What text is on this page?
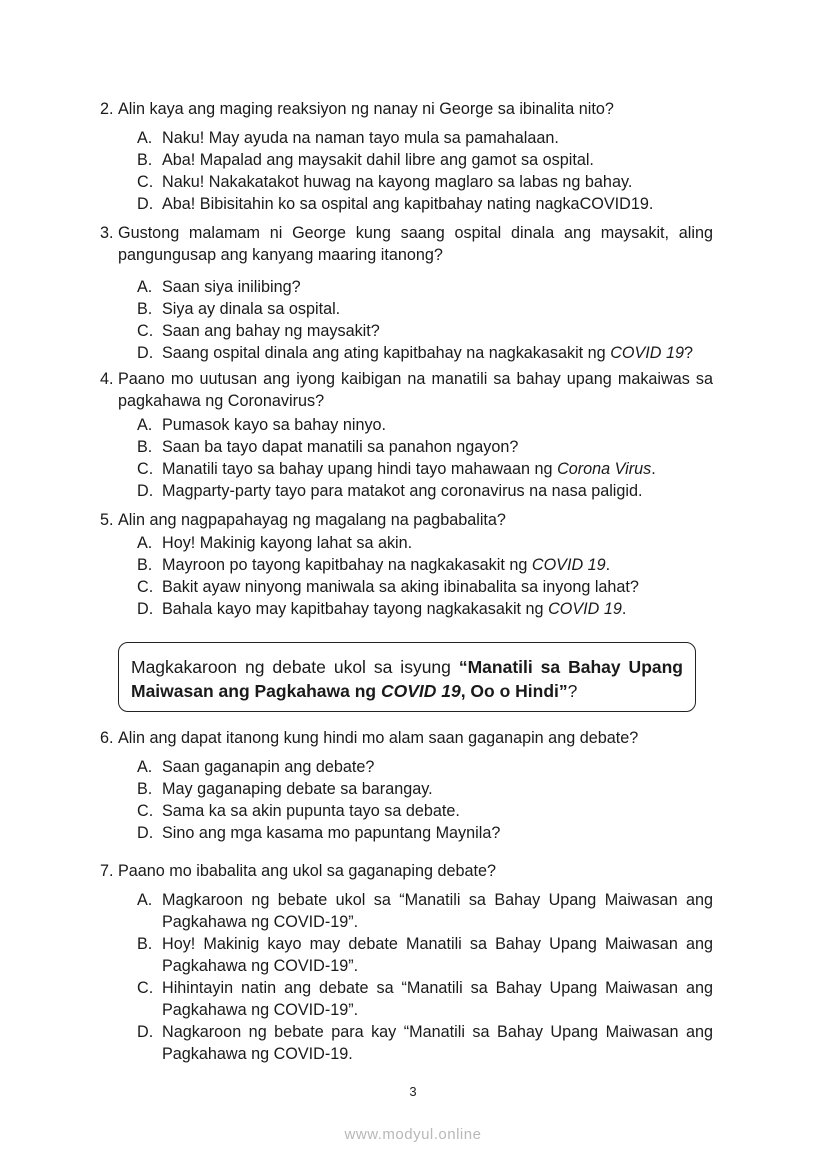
2. Alin kaya ang maging reaksiyon ng nanay ni George sa ibinalita nito?
A. Naku! May ayuda na naman tayo mula sa pamahalaan.
B. Aba! Mapalad ang maysakit dahil libre ang gamot sa ospital.
C. Naku! Nakakatakot huwag na kayong maglaro sa labas ng bahay.
D. Aba! Bibisitahin ko sa ospital ang kapitbahay nating nagkaCOVID19.
3. Gustong malamam ni George kung saang ospital dinala ang maysakit, aling pangungusap ang kanyang maaring itanong?
A. Saan siya inilibing?
B. Siya ay dinala sa ospital.
C. Saan ang bahay ng maysakit?
D. Saang ospital dinala ang ating kapitbahay na nagkakasakit ng COVID 19?
4. Paano mo uutusan ang iyong kaibigan na manatili sa bahay upang makaiwas sa pagkahawa ng Coronavirus?
A. Pumasok kayo sa bahay ninyo.
B. Saan ba tayo dapat manatili sa panahon ngayon?
C. Manatili tayo sa bahay upang hindi tayo mahawaan ng Corona Virus.
D. Magparty-party tayo para matakot ang coronavirus na nasa paligid.
5. Alin ang nagpapahayag ng magalang na pagbabalita?
A. Hoy! Makinig kayong lahat sa akin.
B. Mayroon po tayong kapitbahay na nagkakasakit ng COVID 19.
C. Bakit ayaw ninyong maniwala sa aking ibinabalita sa inyong lahat?
D. Bahala kayo may kapitbahay tayong nagkakasakit ng COVID 19.
Magkakaroon ng debate ukol sa isyung “Manatili sa Bahay Upang Maiwasan ang Pagkahawa ng COVID 19, Oo o Hindi”?
6. Alin ang dapat itanong kung hindi mo alam saan gaganapin ang debate?
A. Saan gaganapin ang debate?
B. May gaganaping debate sa barangay.
C. Sama ka sa akin pupunta tayo sa debate.
D. Sino ang mga kasama mo papuntang Maynila?
7. Paano mo ibabalita ang ukol sa gaganaping debate?
A. Magkaroon ng bebate ukol sa “Manatili sa Bahay Upang Maiwasan ang Pagkahawa ng COVID-19”.
B. Hoy! Makinig kayo may debate Manatili sa Bahay Upang Maiwasan ang Pagkahawa ng COVID-19”.
C. Hihintayin natin ang debate sa “Manatili sa Bahay Upang Maiwasan ang Pagkahawa ng COVID-19”.
D. Nagkaroon ng bebate para kay “Manatili sa Bahay Upang Maiwasan ang Pagkahawa ng COVID-19.
3
www.modyul.online
